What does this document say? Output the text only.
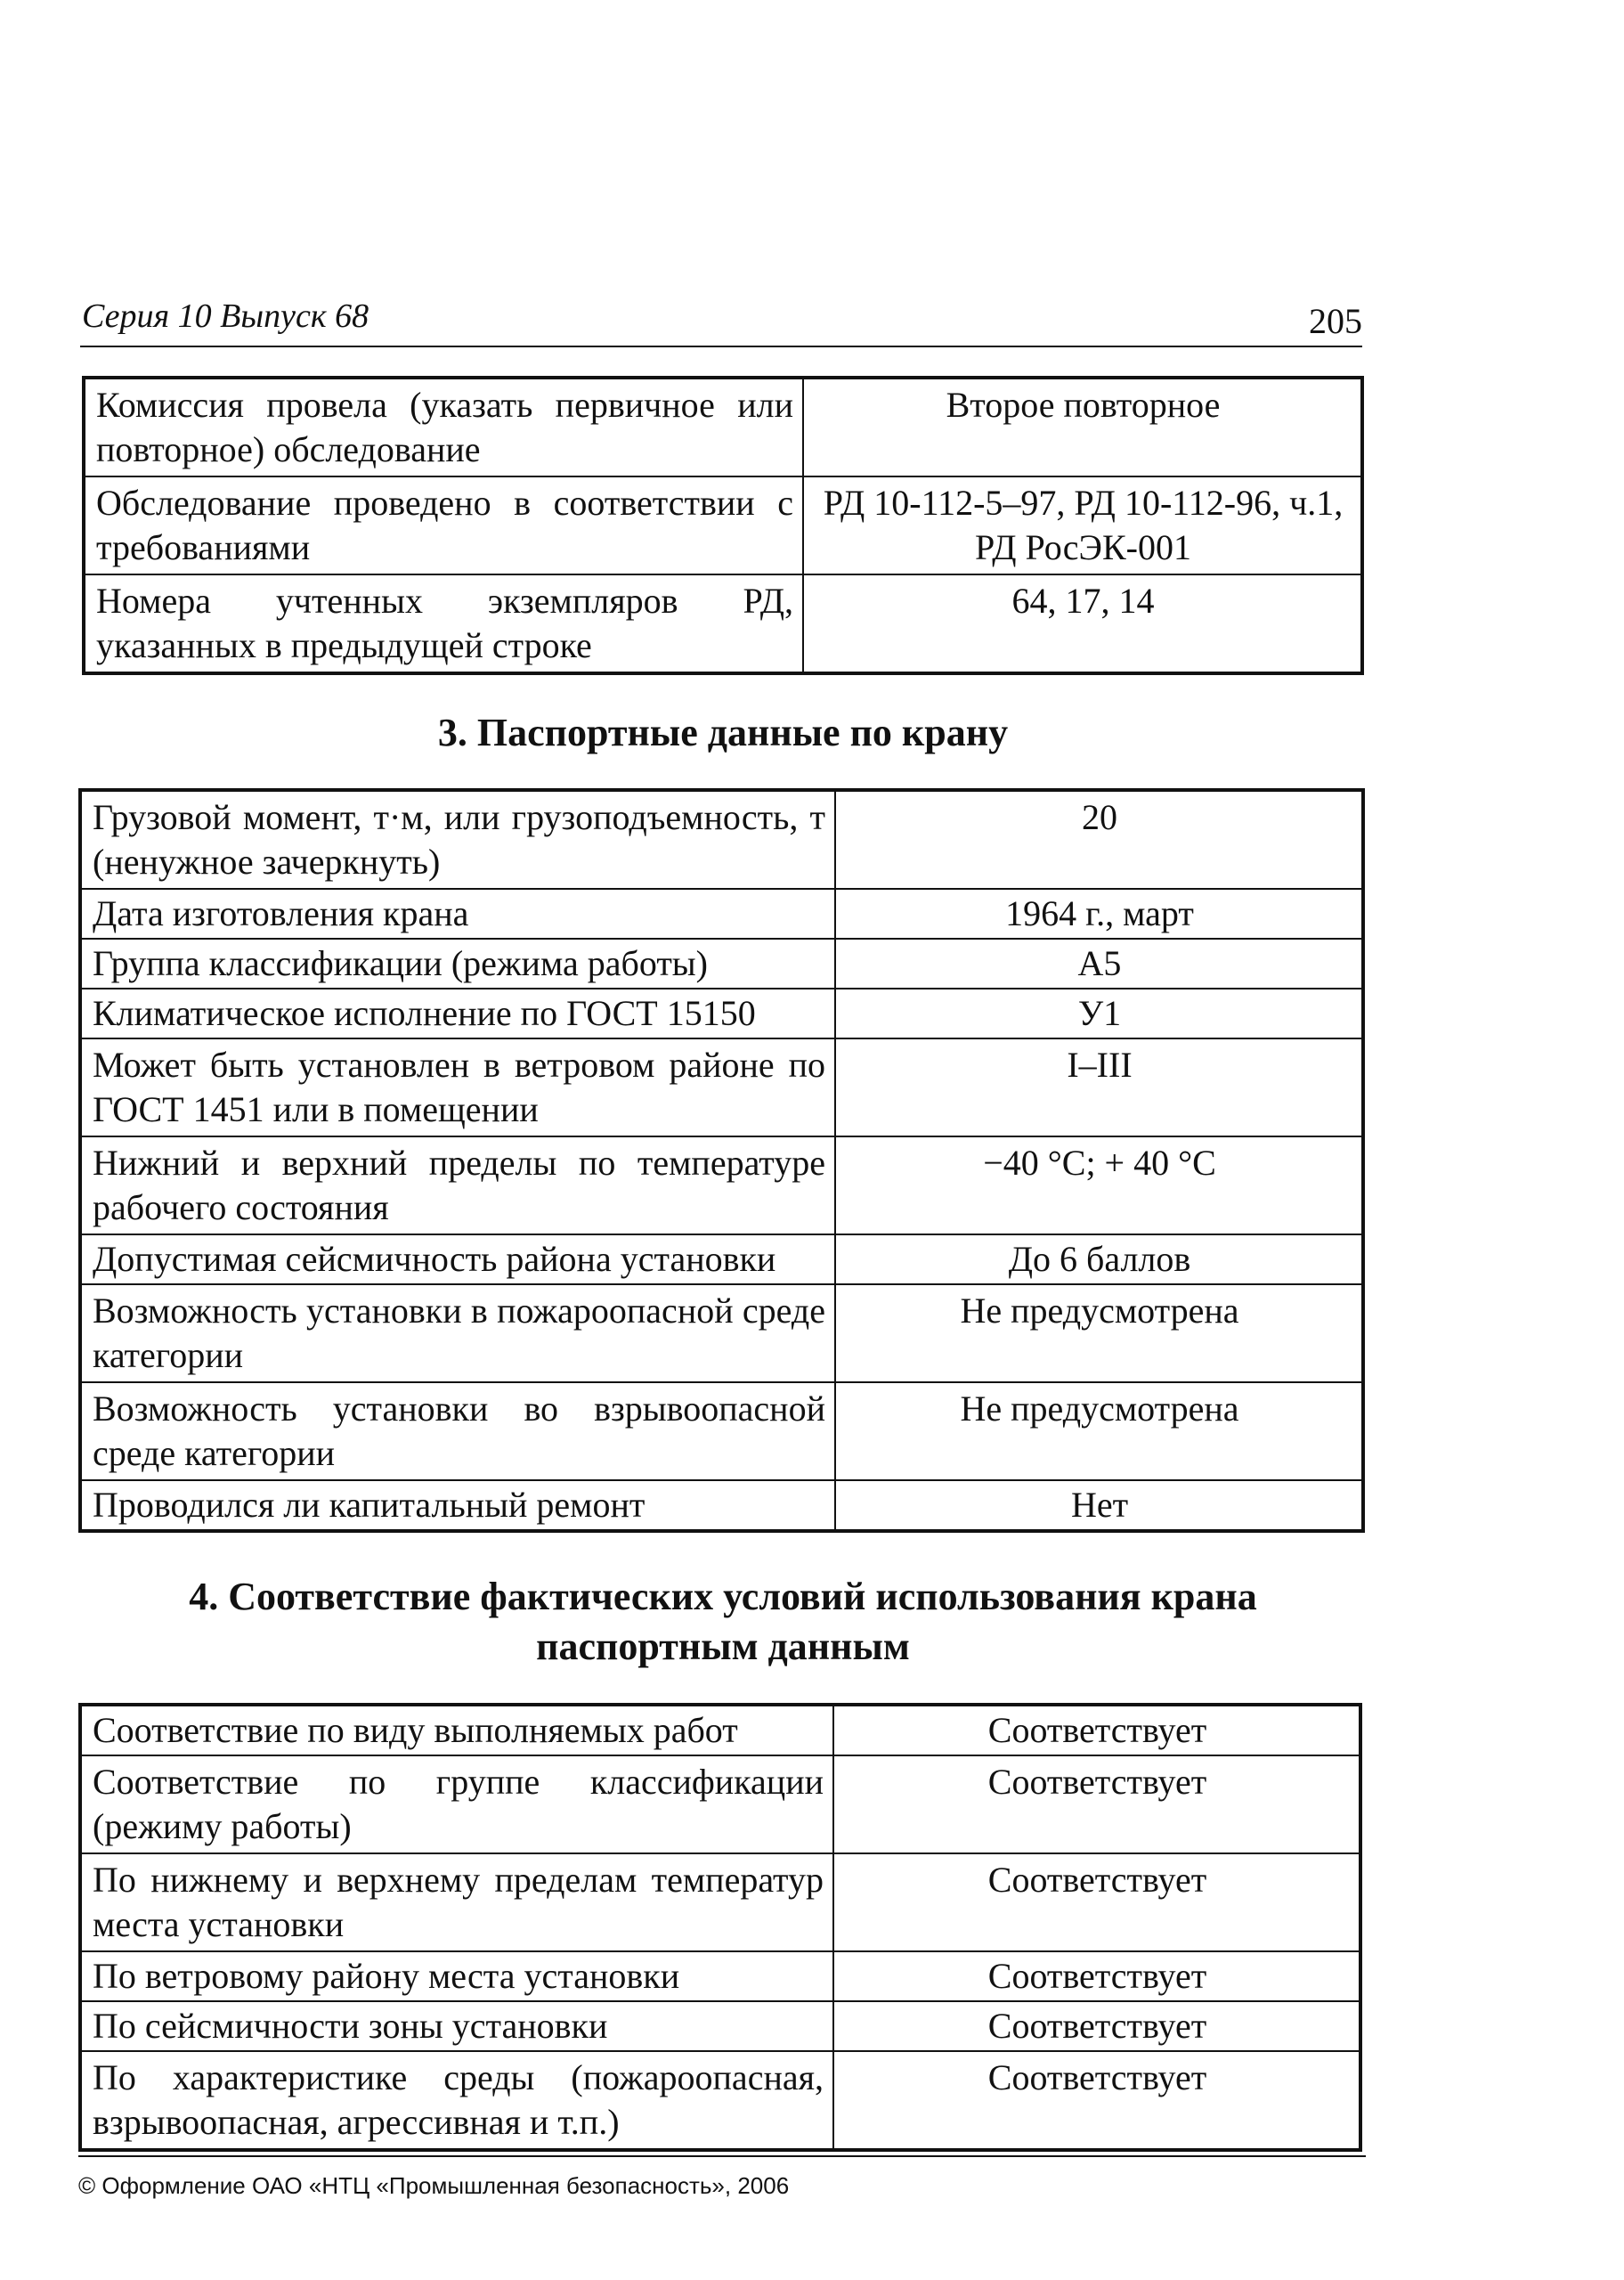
Серия 10 Выпуск 68	205
Комиссия провела (указать первичное или повторное) обследование	Второе повторное
Обследование проведено в соответствии с требованиями	РД 10-112-5–97, РД 10-112-96, ч.1, РД РосЭК-001
Номера учтенных экземпляров РД, указанных в предыдущей строке	64, 17, 14
3. Паспортные данные по крану
Грузовой момент, т·м, или грузоподъемность, т (ненужное зачеркнуть)	20
Дата изготовления крана	1964 г., март
Группа классификации (режима работы)	А5
Климатическое исполнение по ГОСТ 15150	У1
Может быть установлен в ветровом районе по ГОСТ 1451 или в помещении	I–III
Нижний и верхний пределы по температуре рабочего состояния	−40 °С; + 40 °С
Допустимая сейсмичность района установки	До 6 баллов
Возможность установки в пожароопасной среде категории	Не предусмотрена
Возможность установки во взрывоопасной среде категории	Не предусмотрена
Проводился ли капитальный ремонт	Нет
4. Соответствие фактических условий использования крана паспортным данным
Соответствие по виду выполняемых работ	Соответствует
Соответствие по группе классификации (режиму работы)	Соответствует
По нижнему и верхнему пределам температур места установки	Соответствует
По ветровому району места установки	Соответствует
По сейсмичности зоны установки	Соответствует
По характеристике среды (пожароопасная, взрывоопасная, агрессивная и т.п.)	Соответствует
© Оформление ОАО «НТЦ «Промышленная безопасность», 2006
